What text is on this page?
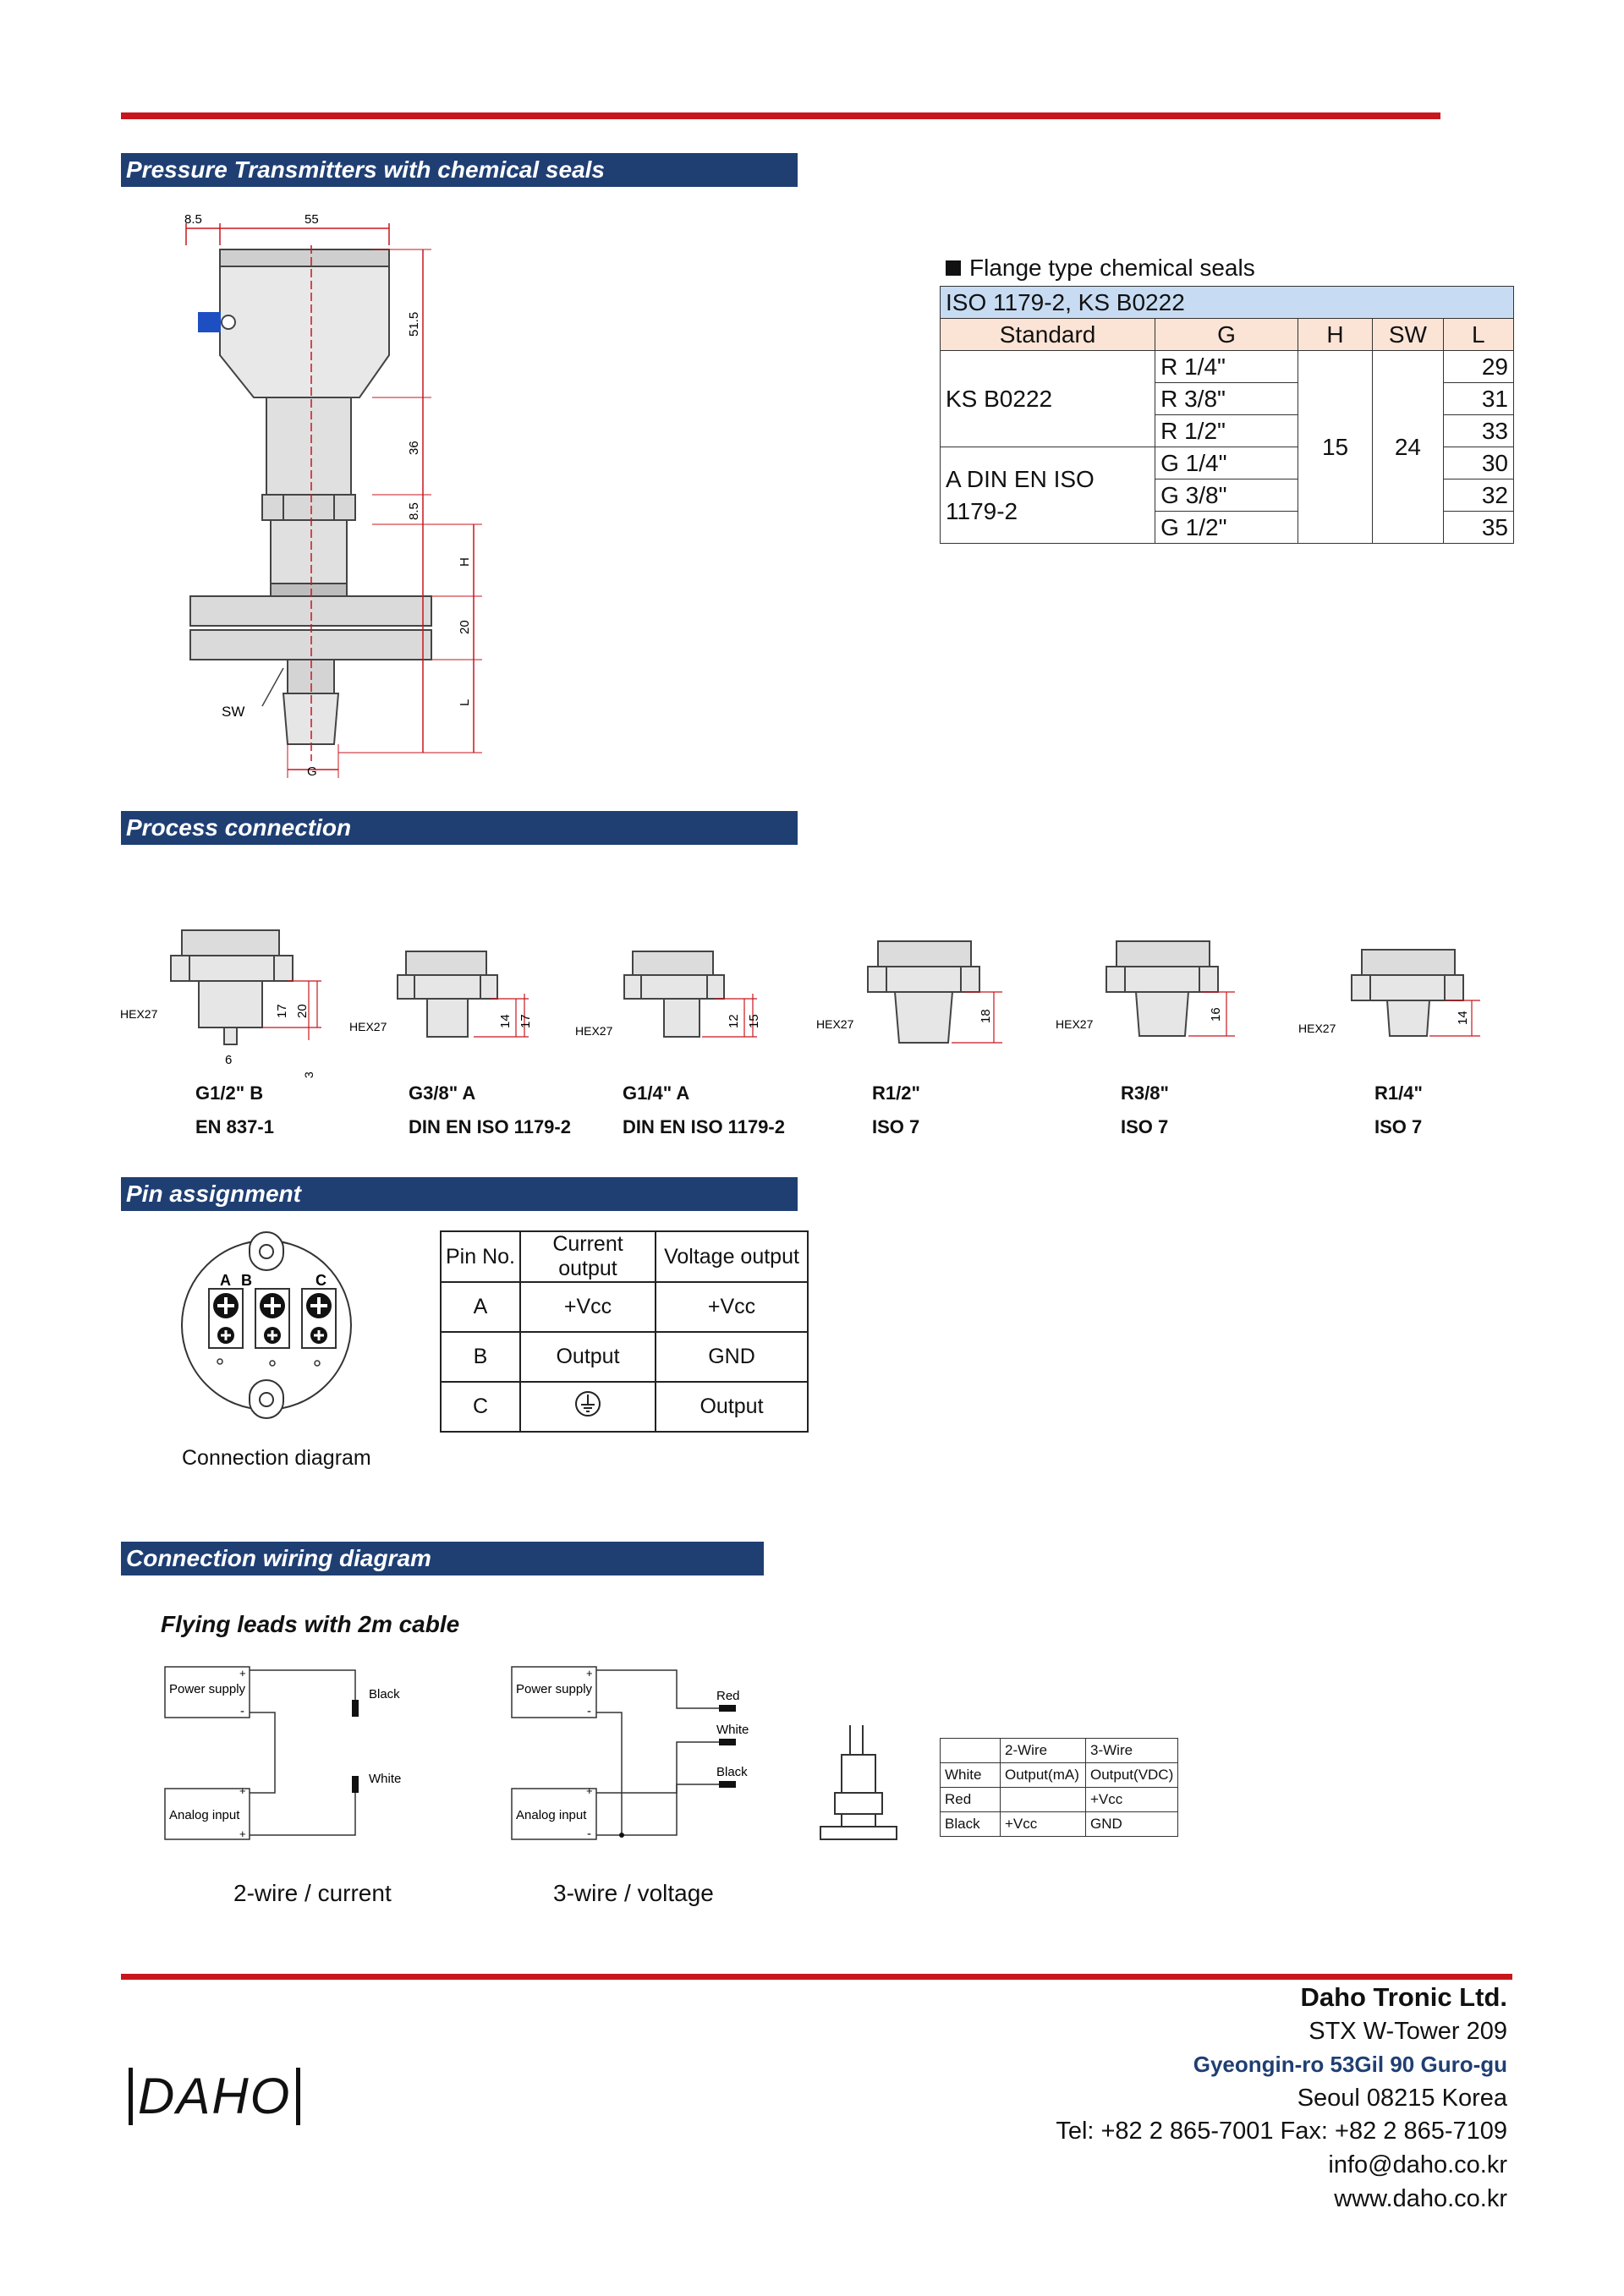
Pressure Transmitters with chemical seals
8.5	55
51.5
36
8.5
H
20
L
SW
G
Flange type chemical seals
ISO 1179-2, KS B0222				
Standard	G	H	SW	L
KS B0222	R 1/4"	15	24	29
	R 3/8"			31
	R 1/2"			33
A DIN EN ISO 1179-2	G 1/4"			30
	G 3/8"			32
	G 1/2"			35
Process connection
HEX27
HEX27	HEX27	HEX27	HEX27	HEX27
17 20
6
3
14 17	12 15	18	16	14
G1/2" B
EN 837-1
G3/8" A
DIN EN ISO 1179-2
G1/4" A
DIN EN ISO 1179-2
R1/2"
ISO 7
R3/8"
ISO 7
R1/4"
ISO 7
Pin assignment
A B	C
Connection diagram
Pin No.	Current output	Voltage output
A	+Vcc	+Vcc
B	Output	GND
C		Output
Connection wiring diagram
Flying leads with 2m cable
Power supply
Analog input
Black
White
+
-
+
+
2-wire / current
Power supply
Analog input
Red
White
Black
+
-
+
-
3-wire / voltage
	2-Wire	3-Wire
White	Output(mA)	Output(VDC)
Red		+Vcc
Black	+Vcc	GND
DAHO
Daho Tronic Ltd.
STX W-Tower 209
Gyeongin-ro 53Gil 90 Guro-gu
Seoul 08215 Korea
Tel: +82 2 865-7001 Fax: +82 2 865-7109
info@daho.co.kr
www.daho.co.kr
